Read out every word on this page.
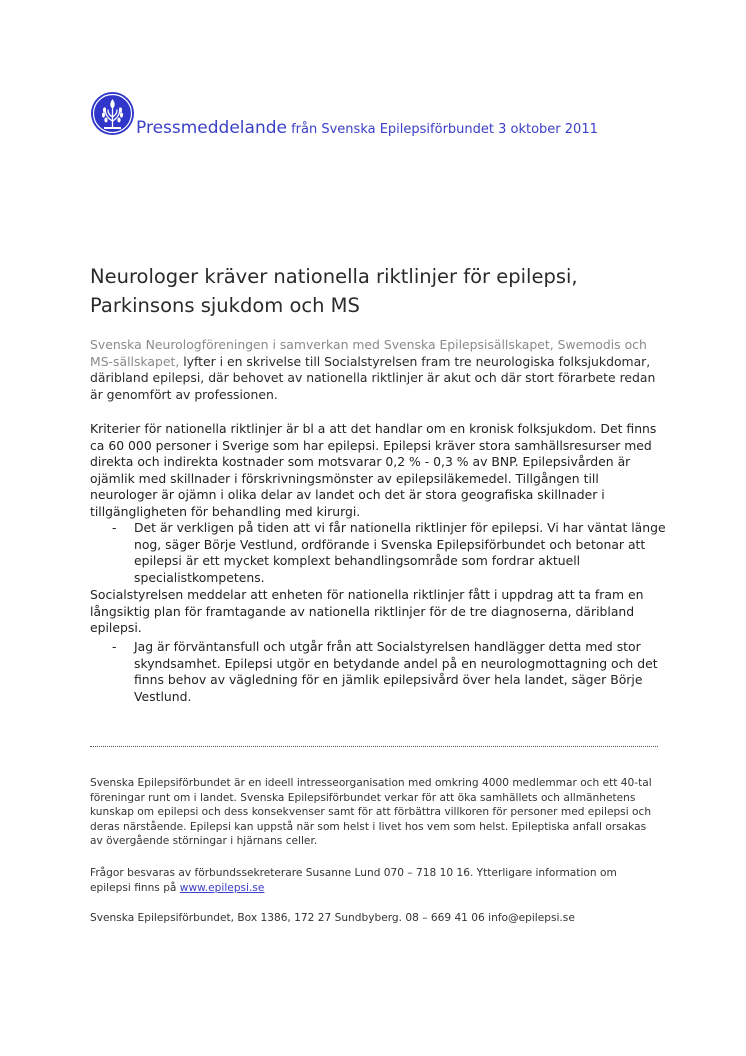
Pressmeddelande från Svenska Epilepsiförbundet 3 oktober 2011
Neurologer kräver nationella riktlinjer för epilepsi, Parkinsons sjukdom och MS

Svenska Neurologföreningen i samverkan med Svenska Epilepsisällskapet, Swemodis och MS-sällskapet, lyfter i en skrivelse till Socialstyrelsen fram tre neurologiska folksjukdomar, däribland epilepsi, där behovet av nationella riktlinjer är akut och där stort förarbete redan är genomfört av professionen.

Kriterier för nationella riktlinjer är bl a att det handlar om en kronisk folksjukdom. Det finns ca 60 000 personer i Sverige som har epilepsi. Epilepsi kräver stora samhällsresurser med direkta och indirekta kostnader som motsvarar 0,2 % - 0,3 % av BNP. Epilepsivården är ojämlik med skillnader i förskrivningsmönster av epilepsiläkemedel. Tillgången till neurologer är ojämn i olika delar av landet och det är stora geografiska skillnader i tillgängligheten för behandling med kirurgi.

- Det är verkligen på tiden att vi får nationella riktlinjer för epilepsi. Vi har väntat länge nog, säger Börje Vestlund, ordförande i Svenska Epilepsiförbundet och betonar att epilepsi är ett mycket komplext behandlingsområde som fordrar aktuell specialistkompetens.

Socialstyrelsen meddelar att enheten för nationella riktlinjer fått i uppdrag att ta fram en långsiktig plan för framtagande av nationella riktlinjer för de tre diagnoserna, däribland epilepsi.

- Jag är förväntansfull och utgår från att Socialstyrelsen handlägger detta med stor skyndsamhet. Epilepsi utgör en betydande andel på en neurologmottagning och det finns behov av vägledning för en jämlik epilepsivård över hela landet, säger Börje Vestlund.

Svenska Epilepsiförbundet är en ideell intresseorganisation med omkring 4000 medlemmar och ett 40-tal föreningar runt om i landet. Svenska Epilepsiförbundet verkar för att öka samhällets och allmänhetens kunskap om epilepsi och dess konsekvenser samt för att förbättra villkoren för personer med epilepsi och deras närstående. Epilepsi kan uppstå när som helst i livet hos vem som helst. Epileptiska anfall orsakas av övergående störningar i hjärnans celler.

Frågor besvaras av förbundssekreterare Susanne Lund 070 – 718 10 16. Ytterligare information om epilepsi finns på www.epilepsi.se

Svenska Epilepsiförbundet, Box 1386, 172 27 Sundbyberg. 08 – 669 41 06 info@epilepsi.se
